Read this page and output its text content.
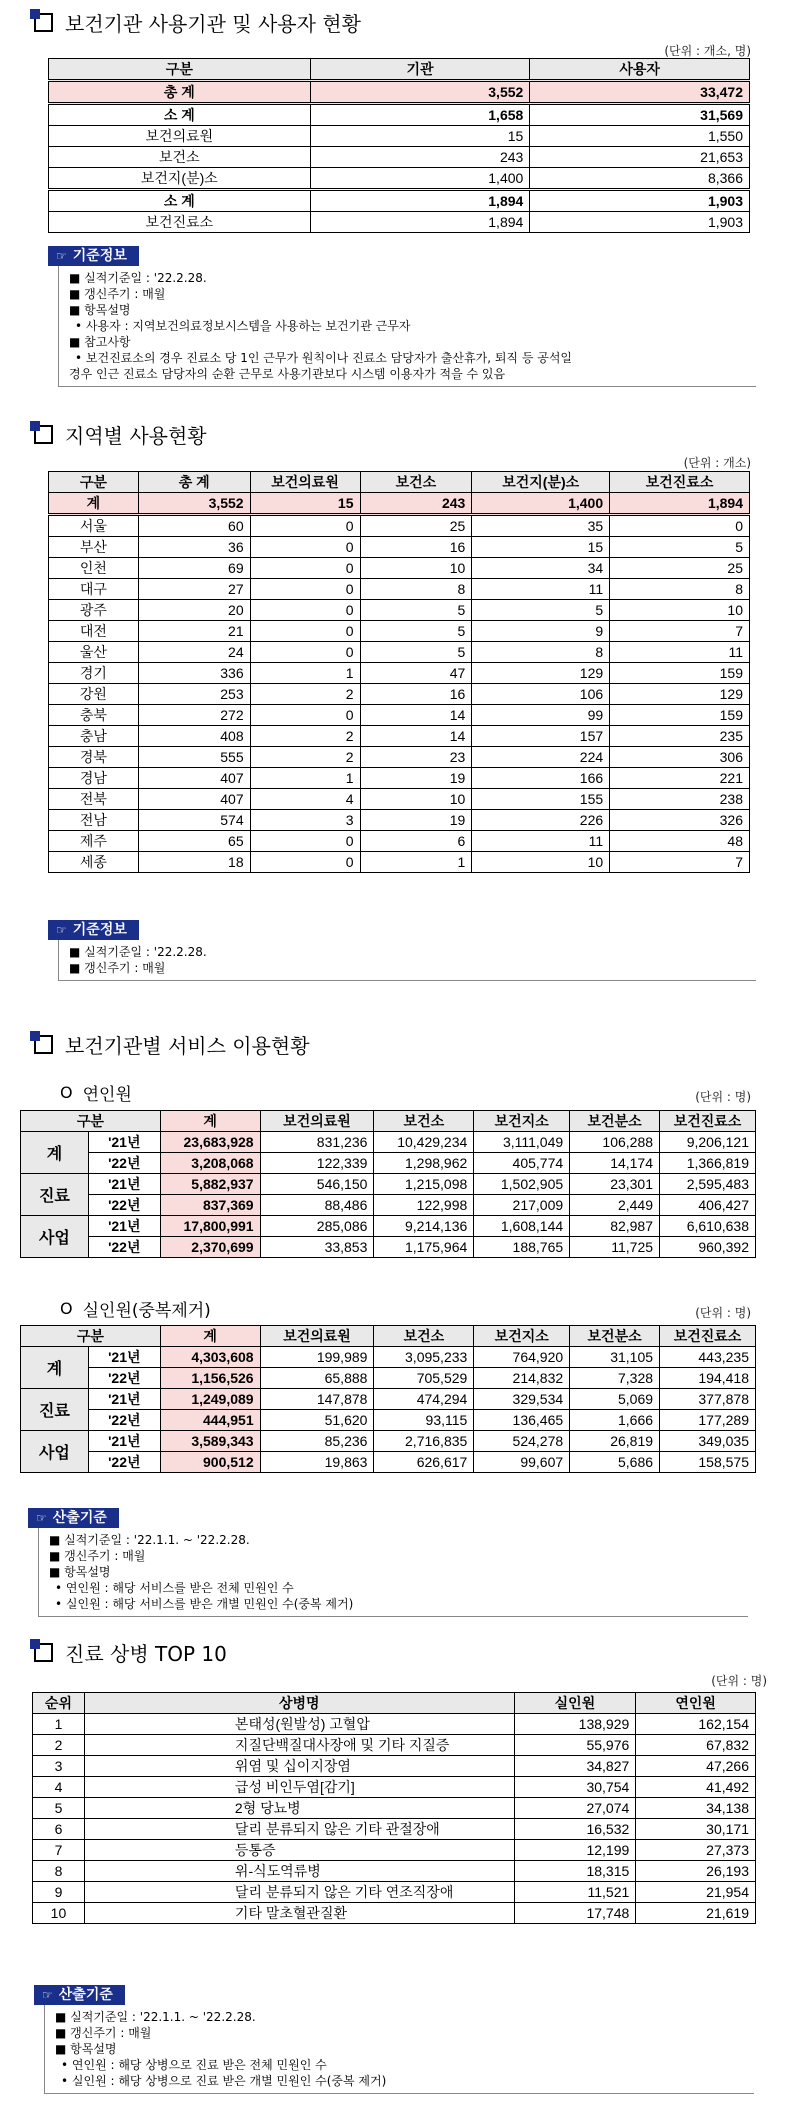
보건기관 사용기관 및 사용자 현황
(단위 : 개소, 명)
구분	기관	사용자
총 계	3,552	33,472
소 계	1,658	31,569
보건의료원	15	1,550
보건소	243	21,653
보건지(분)소	1,400	8,366
소 계	1,894	1,903
보건진료소	1,894	1,903
☞ 기준정보
■ 실적기준일 : '22.2.28.
■ 갱신주기 : 매월
■ 항목설명
• 사용자 : 지역보건의료정보시스템을 사용하는 보건기관 근무자
■ 참고사항
• 보건진료소의 경우 진료소 당 1인 근무가 원칙이나 진료소 담당자가 출산휴가, 퇴직 등 공석일
경우 인근 진료소 담당자의 순환 근무로 사용기관보다 시스템 이용자가 적을 수 있음
지역별 사용현황
(단위 : 개소)
구분	총 계	보건의료원	보건소	보건지(분)소	보건진료소
계	3,552	15	243	1,400	1,894
서울	60	0	25	35	0
부산	36	0	16	15	5
인천	69	0	10	34	25
대구	27	0	8	11	8
광주	20	0	5	5	10
대전	21	0	5	9	7
울산	24	0	5	8	11
경기	336	1	47	129	159
강원	253	2	16	106	129
충북	272	0	14	99	159
충남	408	2	14	157	235
경북	555	2	23	224	306
경남	407	1	19	166	221
전북	407	4	10	155	238
전남	574	3	19	226	326
제주	65	0	6	11	48
세종	18	0	1	10	7
☞ 기준정보
■ 실적기준일 : '22.2.28.
■ 갱신주기 : 매월
보건기관별 서비스 이용현황
O 연인원	(단위 : 명)
구분		계	보건의료원	보건소	보건지소	보건분소	보건진료소
계	'21년	23,683,928	831,236	10,429,234	3,111,049	106,288	9,206,121
	'22년	3,208,068	122,339	1,298,962	405,774	14,174	1,366,819
진료	'21년	5,882,937	546,150	1,215,098	1,502,905	23,301	2,595,483
	'22년	837,369	88,486	122,998	217,009	2,449	406,427
사업	'21년	17,800,991	285,086	9,214,136	1,608,144	82,987	6,610,638
	'22년	2,370,699	33,853	1,175,964	188,765	11,725	960,392
O 실인원(중복제거)	(단위 : 명)
구분		계	보건의료원	보건소	보건지소	보건분소	보건진료소
계	'21년	4,303,608	199,989	3,095,233	764,920	31,105	443,235
	'22년	1,156,526	65,888	705,529	214,832	7,328	194,418
진료	'21년	1,249,089	147,878	474,294	329,534	5,069	377,878
	'22년	444,951	51,620	93,115	136,465	1,666	177,289
사업	'21년	3,589,343	85,236	2,716,835	524,278	26,819	349,035
	'22년	900,512	19,863	626,617	99,607	5,686	158,575
☞ 산출기준
■ 실적기준일 : '22.1.1. ~ '22.2.28.
■ 갱신주기 : 매월
■ 항목설명
• 연인원 : 해당 서비스를 받은 전체 민원인 수
• 실인원 : 해당 서비스를 받은 개별 민원인 수(중복 제거)
진료 상병 TOP 10
(단위 : 명)
순위	상병명	실인원	연인원
1	본태성(원발성) 고혈압	138,929	162,154
2	지질단백질대사장애 및 기타 지질증	55,976	67,832
3	위염 및 십이지장염	34,827	47,266
4	급성 비인두염[감기]	30,754	41,492
5	2형 당뇨병	27,074	34,138
6	달리 분류되지 않은 기타 관절장애	16,532	30,171
7	등통증	12,199	27,373
8	위-식도역류병	18,315	26,193
9	달리 분류되지 않은 기타 연조직장애	11,521	21,954
10	기타 말초혈관질환	17,748	21,619
☞ 산출기준
■ 실적기준일 : '22.1.1. ~ '22.2.28.
■ 갱신주기 : 매월
■ 항목설명
• 연인원 : 해당 상병으로 진료 받은 전체 민원인 수
• 실인원 : 해당 상병으로 진료 받은 개별 민원인 수(중복 제거)
